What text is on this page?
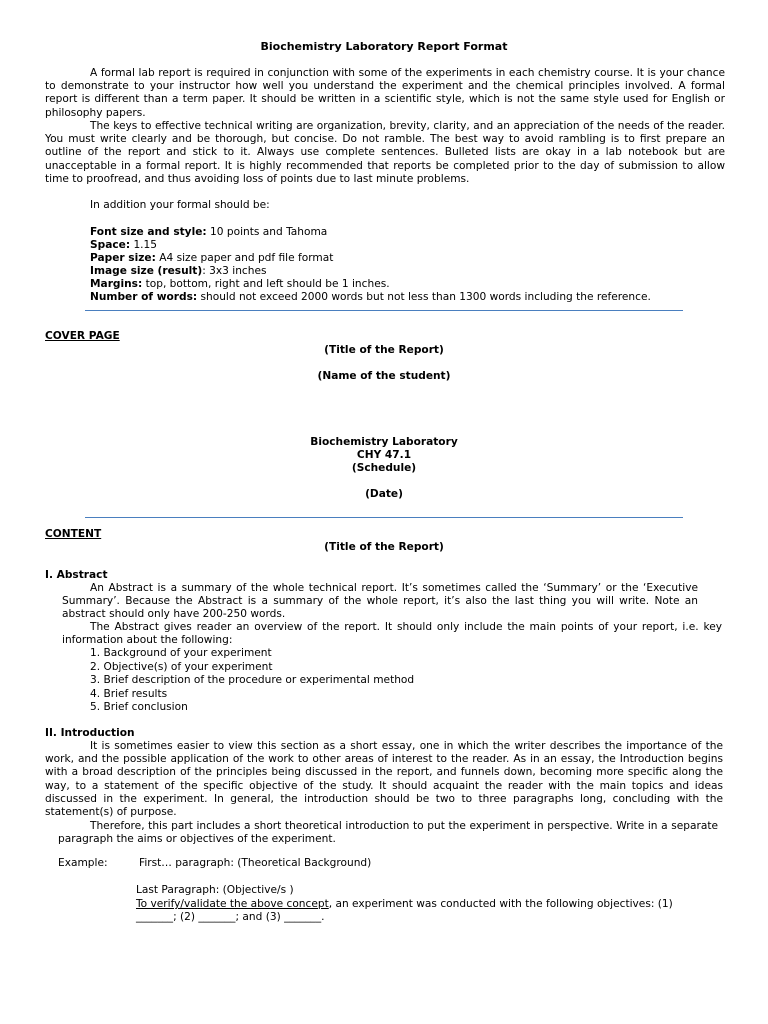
Biochemistry Laboratory Report Format

A formal lab report is required in conjunction with some of the experiments in each chemistry course. It is your chance to demonstrate to your instructor how well you understand the experiment and the chemical principles involved. A formal report is different than a term paper. It should be written in a scientific style, which is not the same style used for English or philosophy papers.

The keys to effective technical writing are organization, brevity, clarity, and an appreciation of the needs of the reader. You must write clearly and be thorough, but concise. Do not ramble. The best way to avoid rambling is to first prepare an outline of the report and stick to it. Always use complete sentences. Bulleted lists are okay in a lab notebook but are unacceptable in a formal report. It is highly recommended that reports be completed prior to the day of submission to allow time to proofread, and thus avoiding loss of points due to last minute problems.

In addition your formal should be:
Font size and style: 10 points and Tahoma
Space: 1.15
Paper size: A4 size paper and pdf file format
Image size (result): 3x3 inches
Margins: top, bottom, right and left should be 1 inches.
Number of words: should not exceed 2000 words but not less than 1300 words including the reference.
COVER PAGE
(Title of the Report)
(Name of the student)
Biochemistry Laboratory
CHY 47.1
(Schedule)
(Date)
CONTENT
(Title of the Report)
I. Abstract

An Abstract is a summary of the whole technical report. It’s sometimes called the ‘Summary’ or the ‘Executive Summary’. Because the Abstract is a summary of the whole report, it’s also the last thing you will write. Note an abstract should only have 200-250 words.

The Abstract gives reader an overview of the report. It should only include the main points of your report, i.e. key information about the following:

1. Background of your experiment
2. Objective(s) of your experiment
3. Brief description of the procedure or experimental method
4. Brief results
5. Brief conclusion
II. Introduction

It is sometimes easier to view this section as a short essay, one in which the writer describes the importance of the work, and the possible application of the work to other areas of interest to the reader. As in an essay, the Introduction begins with a broad description of the principles being discussed in the report, and funnels down, becoming more specific along the way, to a statement of the specific objective of the study. It should acquaint the reader with the main topics and ideas discussed in the experiment. In general, the introduction should be two to three paragraphs long, concluding with the statement(s) of purpose.

Therefore, this part includes a short theoretical introduction to put the experiment in perspective. Write in a separate paragraph the aims or objectives of the experiment.

Example:	First… paragraph: (Theoretical Background)
Last Paragraph: (Objective/s )

To verify/validate the above concept, an experiment was conducted with the following objectives: (1) _______; (2) _______; and (3) _______.
